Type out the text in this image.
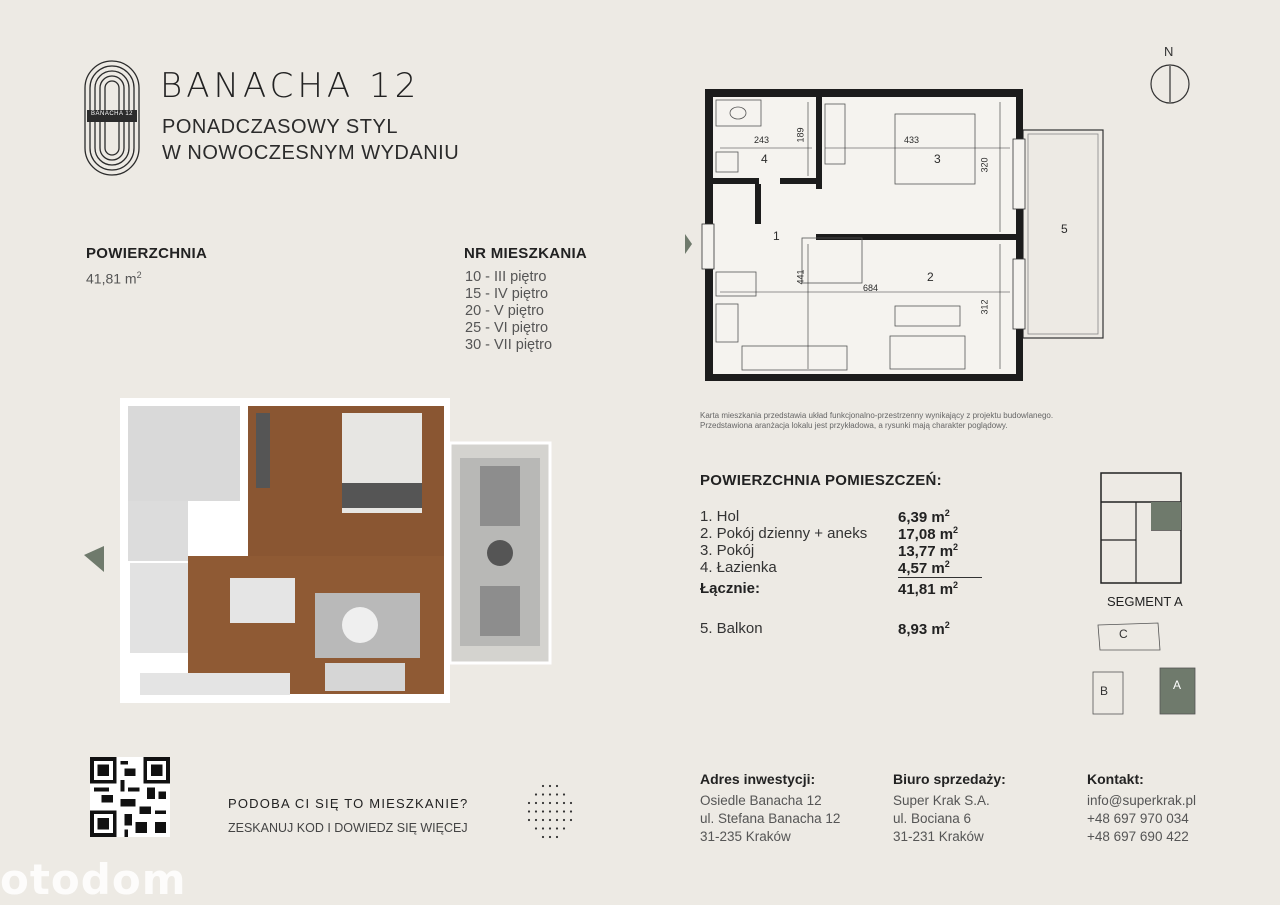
BANACHA 12
BANACHA 12
PONADCZASOWY STYL
W NOWOCZESNYM WYDANIU
POWIERZCHNIA
41,81 $m^2$
NR MIESZKANIA
10 - III piętro
15 - IV piętro
20 - V piętro
25 - VI piętro
30 - VII piętro
N
1
2
3
4
5
243	189	433
320
441
684
312
Karta mieszkania przedstawia układ funkcjonalno-przestrzenny wynikający z projektu budowlanego.
Przedstawiona aranżacja lokalu jest przykładowa, a rysunki mają charakter poglądowy.
POWIERZCHNIA POMIESZCZEŃ:
1. Hol	6,39 $m^2$
2. Pokój dzienny + aneks 17,08 $m^2$
3. Pokój	13,77 $m^2$
4. Łazienka	4,57 $m^2$
Łącznie:	41,81 $m^2$
5. Balkon	8,93 $m^2$
SEGMENT A
C
B	A
PODOBA CI SIĘ TO MIESZKANIE?
ZESKANUJ KOD I DOWIEDZ SIĘ WIĘCEJ
Adres inwestycji:
Osiedle Banacha 12
ul. Stefana Banacha 12
31-235 Kraków
Biuro sprzedaży:
Super Krak S.A.
ul. Bociana 6
31-231 Kraków
Kontakt:
info@superkrak.pl
+48 697 970 034
+48 697 690 422
otodom
